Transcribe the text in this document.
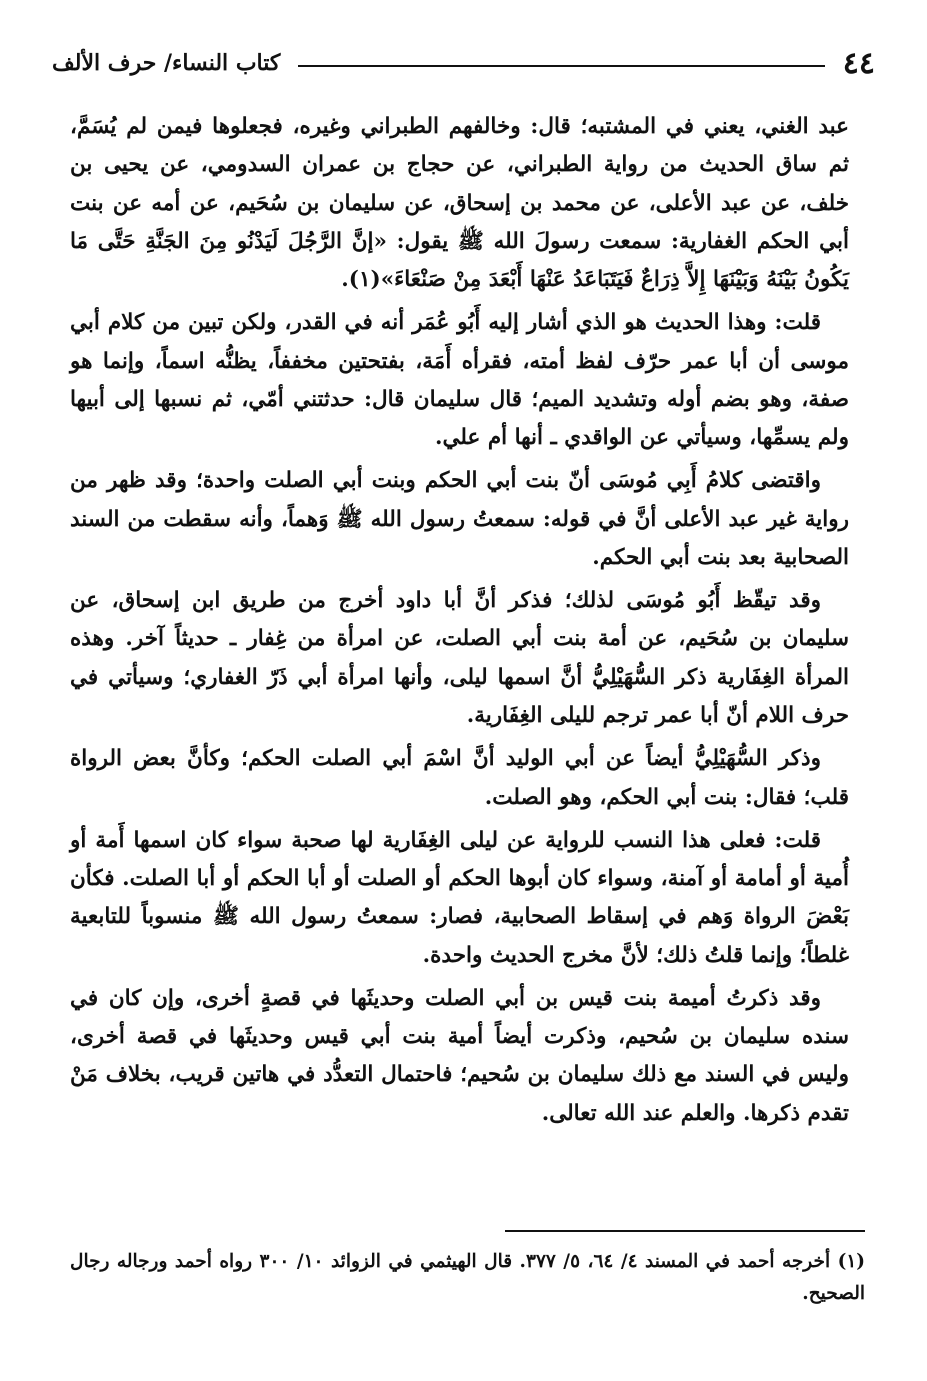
٤٤
كتاب النساء/ حرف الألف

عبد الغني، يعني في المشتبه؛ قال: وخالفهم الطبراني وغيره، فجعلوها فيمن لم يُسَمَّ، ثم ساق الحديث من رواية الطبراني، عن حجاج بن عمران السدومي، عن يحيى بن خلف، عن عبد الأعلى، عن محمد بن إسحاق، عن سليمان بن سُحَيم، عن أمه عن بنت أبي الحكم الغفارية: سمعت رسولَ الله ﷺ يقول: «إنَّ الرَّجُلَ لَيَدْنُو مِنَ الجَنَّةِ حَتَّى مَا يَكُونُ بَيْنَهُ وَبَيْنَهَا إِلاَّ ذِرَاعٌ فَيَتَبَاعَدُ عَنْهَا أَبْعَدَ مِنْ صَنْعَاءَ»(١).

قلت: وهذا الحديث هو الذي أشار إليه أَبُو عُمَر أنه في القدر، ولكن تبين من كلام أبي موسى أن أبا عمر حرّف لفظ أمته، فقرأه أَمَة، بفتحتين مخففاً، يظنُّه اسماً، وإنما هو صفة، وهو بضم أوله وتشديد الميم؛ قال سليمان قال: حدثتني أمّي، ثم نسبها إلى أبيها ولم يسمِّها، وسيأتي عن الواقدي ـ أنها أم علي.

واقتضى كلامُ أَبِي مُوسَى أنّ بنت أبي الحكم وبنت أبي الصلت واحدة؛ وقد ظهر من رواية غير عبد الأعلى أنَّ في قوله: سمعتُ رسول الله ﷺ وَهماً، وأنه سقطت من السند الصحابية بعد بنت أبي الحكم.

وقد تيقّظ أَبُو مُوسَى لذلك؛ فذكر أنَّ أبا داود أخرج من طريق ابن إسحاق، عن سليمان بن سُحَيم، عن أمة بنت أبي الصلت، عن امرأة من غِفار ـ حديثاً آخر. وهذه المرأة الغِفَارية ذكر السُّهَيْلِيُّ أنَّ اسمها ليلى، وأنها امرأة أبي ذَرّ الغفاري؛ وسيأتي في حرف اللام أنّ أبا عمر ترجم لليلى الغِفَارية.

وذكر السُّهَيْلِيُّ أيضاً عن أبي الوليد أنَّ اسْمَ أبي الصلت الحكم؛ وكأنَّ بعض الرواة قلب؛ فقال: بنت أبي الحكم، وهو الصلت.

قلت: فعلى هذا النسب للرواية عن ليلى الغِفَارية لها صحبة سواء كان اسمها أَمة أو أُمية أو أمامة أو آمنة، وسواء كان أبوها الحكم أو الصلت أو أبا الحكم أو أبا الصلت. فكأن بَعْضَ الرواة وَهم في إسقاط الصحابية، فصار: سمعتُ رسول الله ﷺ منسوباً للتابعية غلطاً؛ وإنما قلتُ ذلك؛ لأنَّ مخرج الحديث واحدة.

وقد ذكرتُ أميمة بنت قيس بن أبي الصلت وحديثَها في قصةٍ أخرى، وإن كان في سنده سليمان بن سُحيم، وذكرت أيضاً أمية بنت أبي قيس وحديثَها في قصة أخرى، وليس في السند مع ذلك سليمان بن سُحيم؛ فاحتمال التعدُّد في هاتين قريب، بخلاف مَنْ تقدم ذكرها. والعلم عند الله تعالى.

(١) أخرجه أحمد في المسند ٤/ ٦٤، ٥/ ٣٧٧. قال الهيثمي في الزوائد ١٠/ ٣٠٠ رواه أحمد ورجاله رجال الصحيح.
